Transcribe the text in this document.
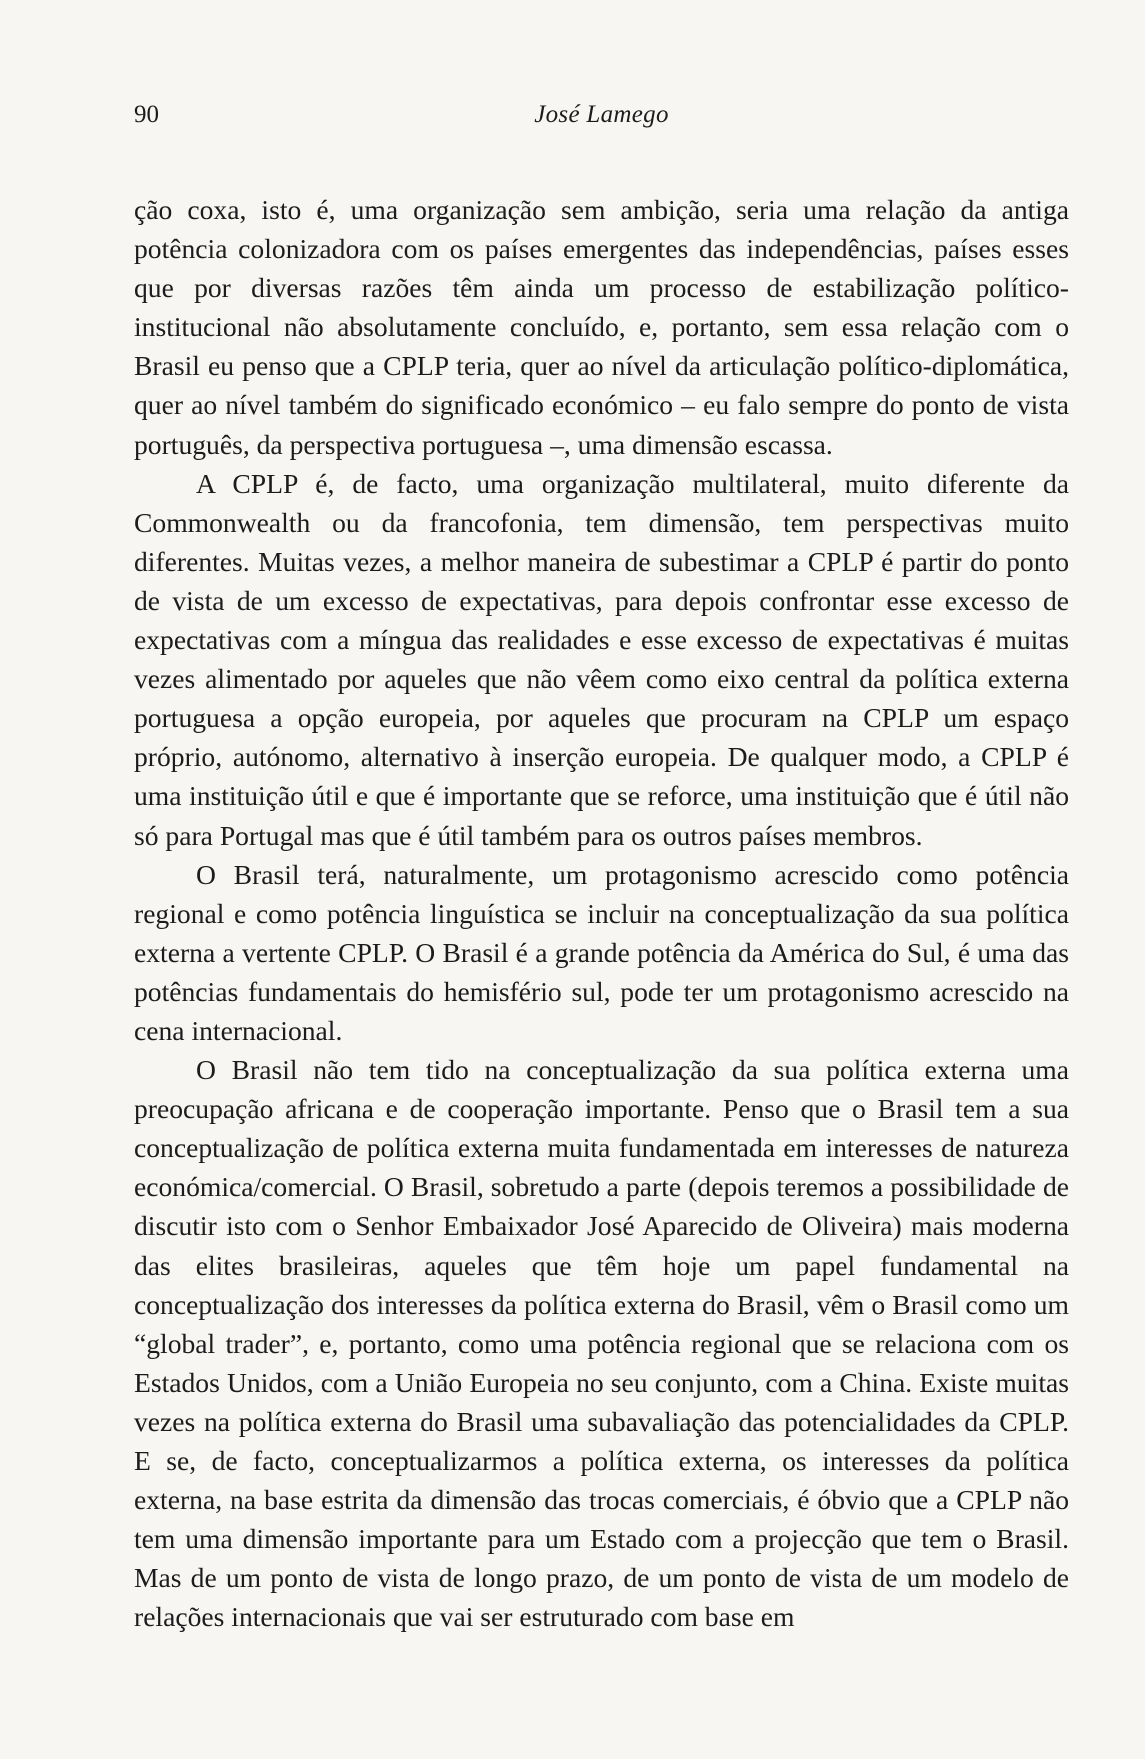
90	José Lamego

ção coxa, isto é, uma organização sem ambição, seria uma relação da antiga potência colonizadora com os países emergentes das independências, países esses que por diversas razões têm ainda um processo de estabilização político-institucional não absolutamente concluído, e, portanto, sem essa relação com o Brasil eu penso que a CPLP teria, quer ao nível da articulação político-diplomática, quer ao nível também do significado económico – eu falo sempre do ponto de vista português, da perspectiva portuguesa –, uma dimensão escassa.

A CPLP é, de facto, uma organização multilateral, muito diferente da Commonwealth ou da francofonia, tem dimensão, tem perspectivas muito diferentes. Muitas vezes, a melhor maneira de subestimar a CPLP é partir do ponto de vista de um excesso de expectativas, para depois confrontar esse excesso de expectativas com a míngua das realidades e esse excesso de expectativas é muitas vezes alimentado por aqueles que não vêem como eixo central da política externa portuguesa a opção europeia, por aqueles que procuram na CPLP um espaço próprio, autónomo, alternativo à inserção europeia. De qualquer modo, a CPLP é uma instituição útil e que é importante que se reforce, uma instituição que é útil não só para Portugal mas que é útil também para os outros países membros.

O Brasil terá, naturalmente, um protagonismo acrescido como potência regional e como potência linguística se incluir na conceptualização da sua política externa a vertente CPLP. O Brasil é a grande potência da América do Sul, é uma das potências fundamentais do hemisfério sul, pode ter um protagonismo acrescido na cena internacional.

O Brasil não tem tido na conceptualização da sua política externa uma preocupação africana e de cooperação importante. Penso que o Brasil tem a sua conceptualização de política externa muita fundamentada em interesses de natureza económica/comercial. O Brasil, sobretudo a parte (depois teremos a possibilidade de discutir isto com o Senhor Embaixador José Aparecido de Oliveira) mais moderna das elites brasileiras, aqueles que têm hoje um papel fundamental na conceptualização dos interesses da política externa do Brasil, vêm o Brasil como um “global trader”, e, portanto, como uma potência regional que se relaciona com os Estados Unidos, com a União Europeia no seu conjunto, com a China. Existe muitas vezes na política externa do Brasil uma subavaliação das potencialidades da CPLP. E se, de facto, conceptualizarmos a política externa, os interesses da política externa, na base estrita da dimensão das trocas comerciais, é óbvio que a CPLP não tem uma dimensão importante para um Estado com a projecção que tem o Brasil. Mas de um ponto de vista de longo prazo, de um ponto de vista de um modelo de relações internacionais que vai ser estruturado com base em
